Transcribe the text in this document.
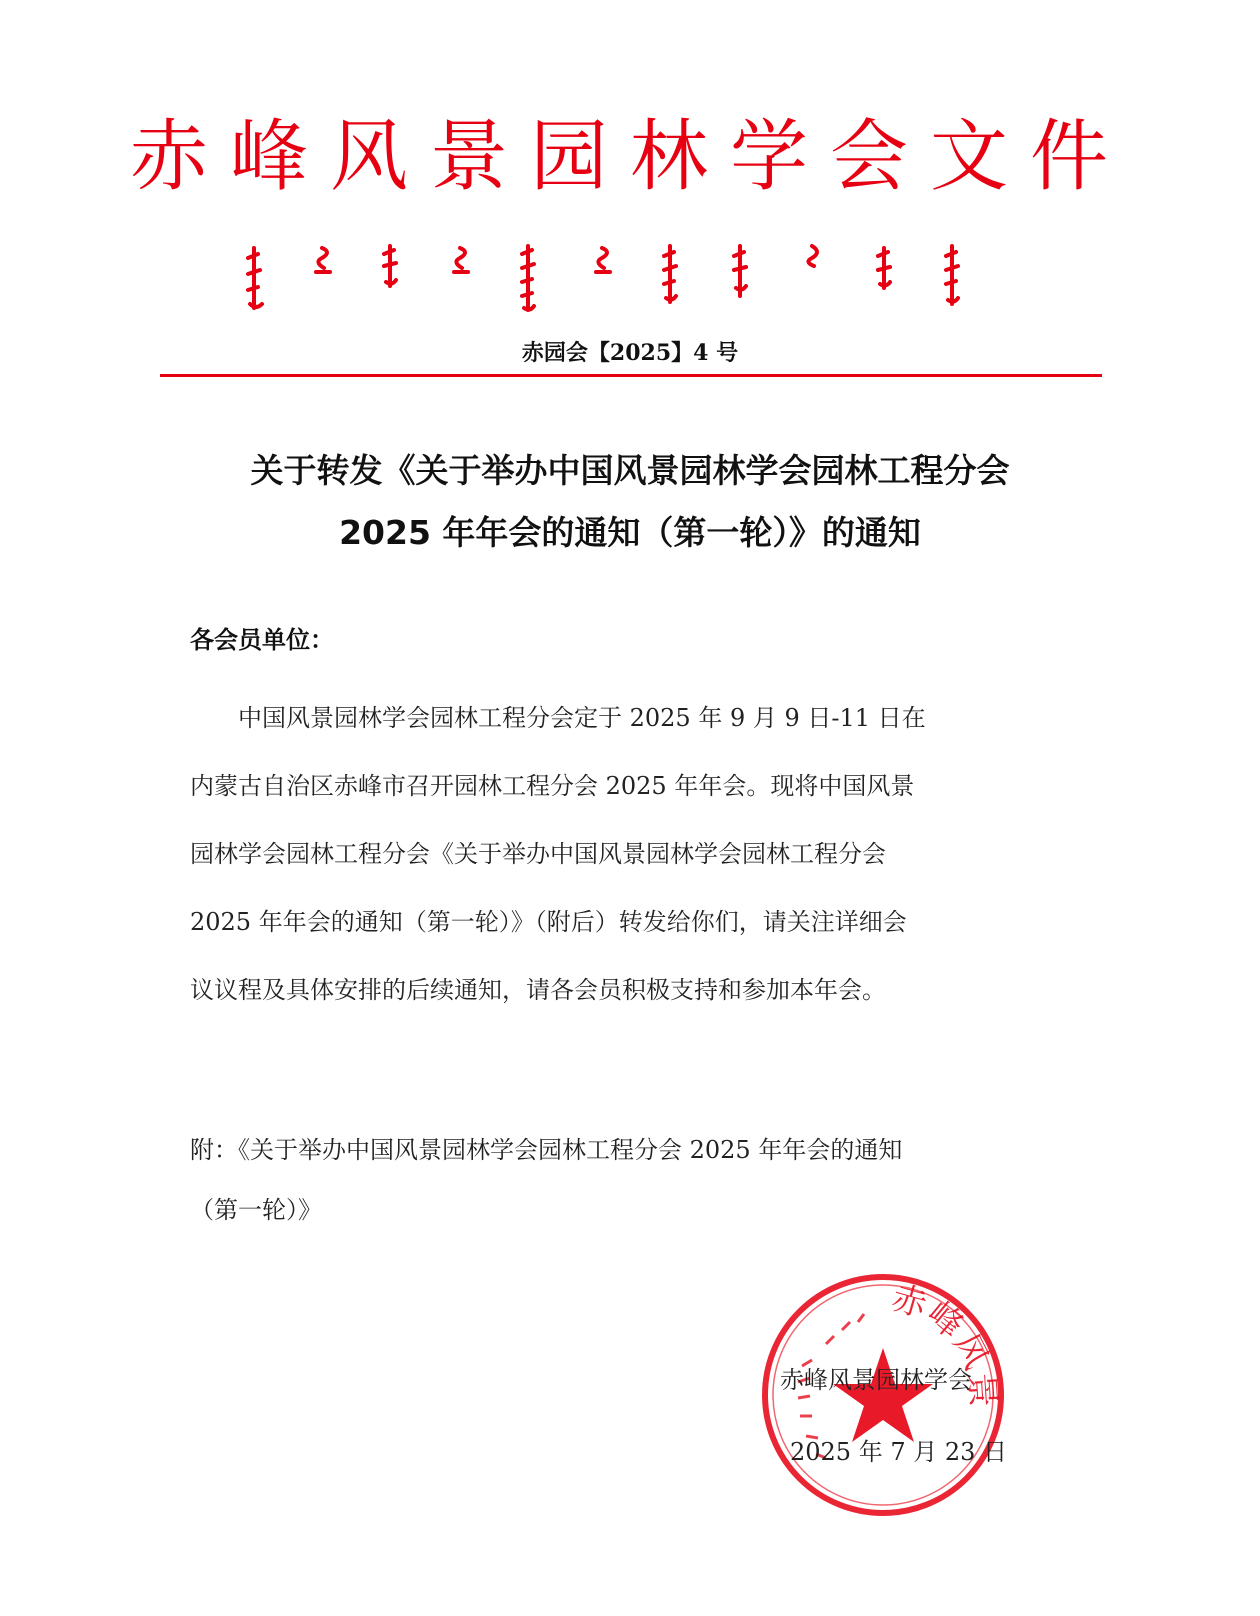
赤峰风景园林学会文件
赤园会【2025】4 号
关于转发《关于举办中国风景园林学会园林工程分会
2025 年年会的通知（第一轮）》的通知
各会员单位：
　　中国风景园林学会园林工程分会定于 2025 年 9 月 9 日-11 日在
内蒙古自治区赤峰市召开园林工程分会 2025 年年会。现将中国风景
园林学会园林工程分会《关于举办中国风景园林学会园林工程分会
2025 年年会的通知（第一轮）》（附后）转发给你们，请关注详细会
议议程及具体安排的后续通知，请各会员积极支持和参加本年会。
附：《关于举办中国风景园林学会园林工程分会 2025 年年会的通知
（第一轮）》
赤峰风景
赤峰风景园林学会
2025 年 7 月 23 日
